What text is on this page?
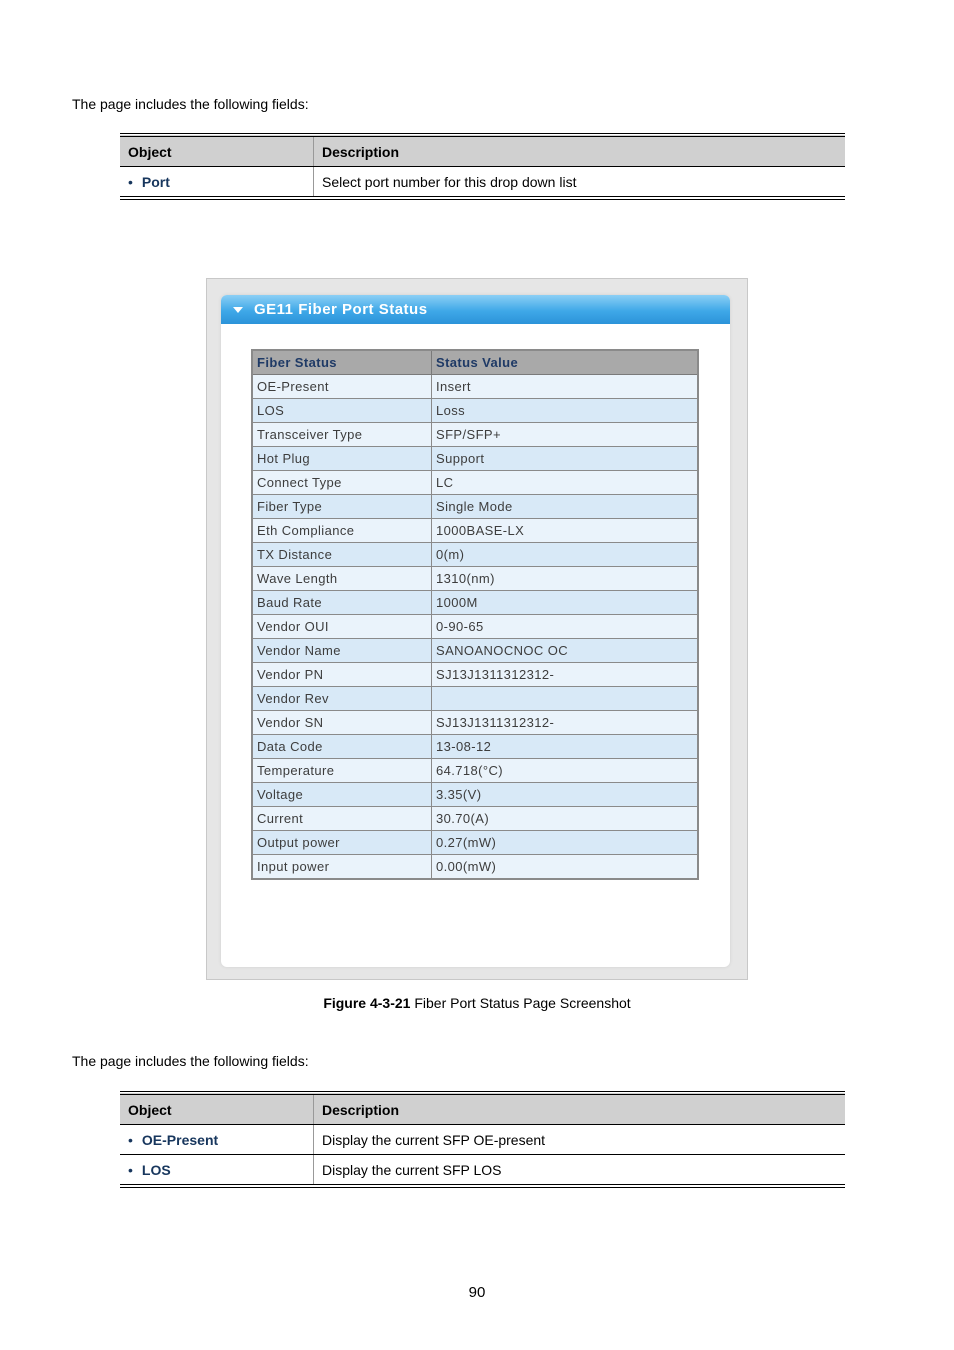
The page includes the following fields:
Object	Description
• Port	Select port number for this drop down list
GE11 Fiber Port Status
Fiber Status	Status Value
OE-Present	Insert
LOS	Loss
Transceiver Type	SFP/SFP+
Hot Plug	Support
Connect Type	LC
Fiber Type	Single Mode
Eth Compliance	1000BASE-LX
TX Distance	0(m)
Wave Length	1310(nm)
Baud Rate	1000M
Vendor OUI	0-90-65
Vendor Name	SANOANOCNOC OC
Vendor PN	SJ13J1311312312-
Vendor Rev	
Vendor SN	SJ13J1311312312-
Data Code	13-08-12
Temperature	64.718(°C)
Voltage	3.35(V)
Current	30.70(A)
Output power	0.27(mW)
Input power	0.00(mW)
Figure 4-3-21 Fiber Port Status Page Screenshot
The page includes the following fields:
Object	Description
• OE-Present	Display the current SFP OE-present
• LOS	Display the current SFP LOS
90
